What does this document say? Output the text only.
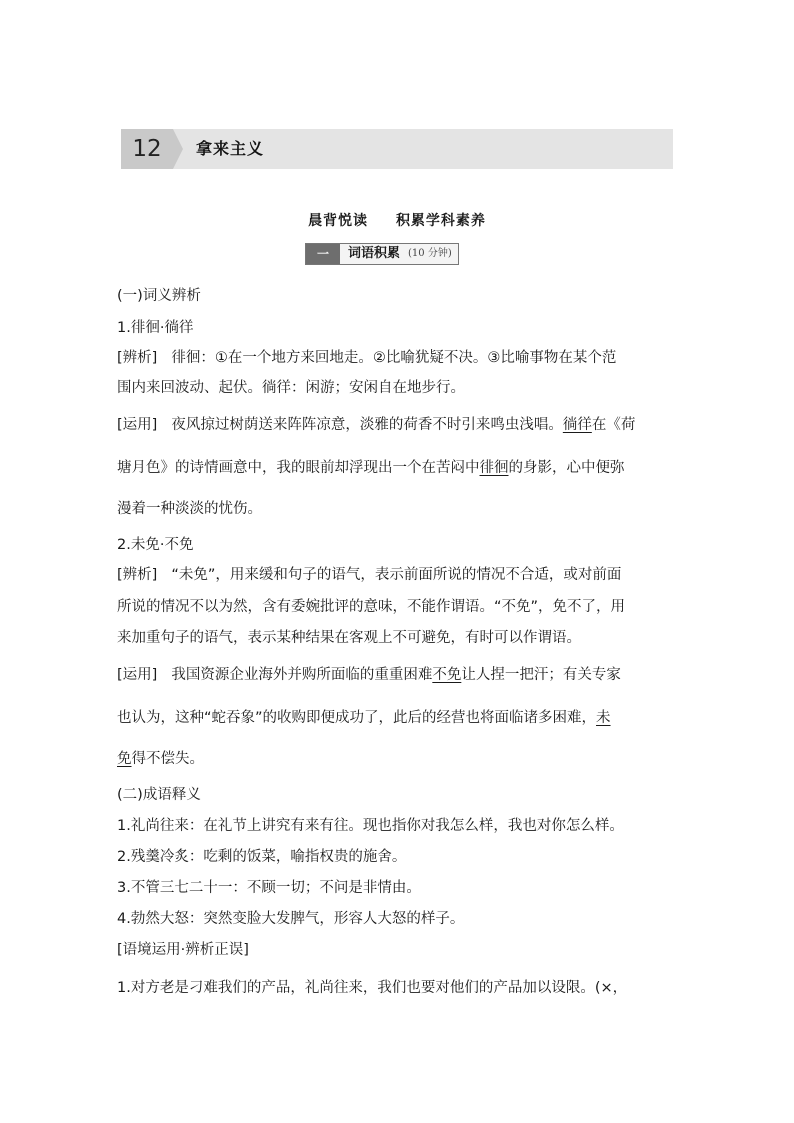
12	拿来主义
晨背悦读 积累学科素养
一	词语积累 (10 分钟)
(一)词义辨析
1.徘徊·徜徉
[辨析] 徘徊：①在一个地方来回地走。②比喻犹疑不决。③比喻事物在某个范
围内来回波动、起伏。徜徉：闲游；安闲自在地步行。
[运用] 夜风掠过树荫送来阵阵凉意，淡雅的荷香不时引来鸣虫浅唱。徜徉在《荷
塘月色》的诗情画意中，我的眼前却浮现出一个在苦闷中徘徊的身影，心中便弥
漫着一种淡淡的忧伤。
2.未免·不免
[辨析] “未免”，用来缓和句子的语气，表示前面所说的情况不合适，或对前面
所说的情况不以为然，含有委婉批评的意味，不能作谓语。“不免”，免不了，用
来加重句子的语气，表示某种结果在客观上不可避免，有时可以作谓语。
[运用] 我国资源企业海外并购所面临的重重困难不免让人捏一把汗；有关专家
也认为，这种“蛇吞象”的收购即便成功了，此后的经营也将面临诸多困难，未
免得不偿失。
(二)成语释义
1.礼尚往来：在礼节上讲究有来有往。现也指你对我怎么样，我也对你怎么样。
2.残羹冷炙：吃剩的饭菜，喻指权贵的施舍。
3.不管三七二十一：不顾一切；不问是非情由。
4.勃然大怒：突然变脸大发脾气，形容人大怒的样子。
[语境运用·辨析正误]
1.对方老是刁难我们的产品，礼尚往来，我们也要对他们的产品加以设限。(×，
